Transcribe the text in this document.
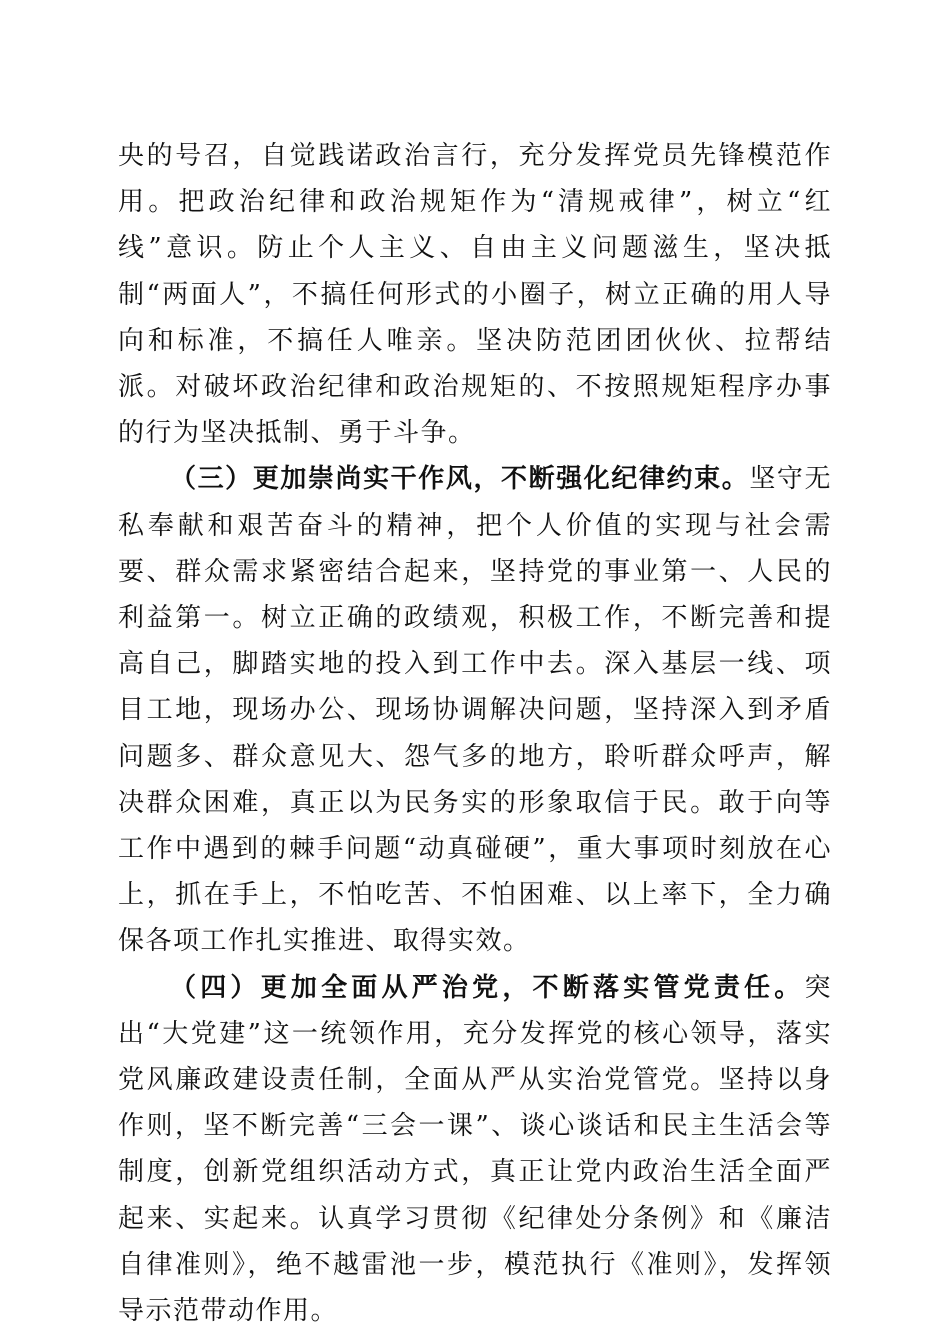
央的号召，自觉践诺政治言行，充分发挥党员先锋模范作用。把政治纪律和政治规矩作为“清规戒律”，树立“红线”意识。防止个人主义、自由主义问题滋生，坚决抵制“两面人”，不搞任何形式的小圈子，树立正确的用人导向和标准，不搞任人唯亲。坚决防范团团伙伙、拉帮结派。对破坏政治纪律和政治规矩的、不按照规矩程序办事的行为坚决抵制、勇于斗争。

（三）更加崇尚实干作风，不断强化纪律约束。坚守无私奉献和艰苦奋斗的精神，把个人价值的实现与社会需要、群众需求紧密结合起来，坚持党的事业第一、人民的利益第一。树立正确的政绩观，积极工作，不断完善和提高自己，脚踏实地的投入到工作中去。深入基层一线、项目工地，现场办公、现场协调解决问题，坚持深入到矛盾问题多、群众意见大、怨气多的地方，聆听群众呼声，解决群众困难，真正以为民务实的形象取信于民。敢于向等工作中遇到的棘手问题“动真碰硬”，重大事项时刻放在心上，抓在手上，不怕吃苦、不怕困难、以上率下，全力确保各项工作扎实推进、取得实效。

（四）更加全面从严治党，不断落实管党责任。突出“大党建”这一统领作用，充分发挥党的核心领导，落实党风廉政建设责任制，全面从严从实治党管党。坚持以身作则，坚不断完善“三会一课”、谈心谈话和民主生活会等制度，创新党组织活动方式，真正让党内政治生活全面严起来、实起来。认真学习贯彻《纪律处分条例》和《廉洁自律准则》，绝不越雷池一步，模范执行《准则》，发挥领导示范带动作用。
